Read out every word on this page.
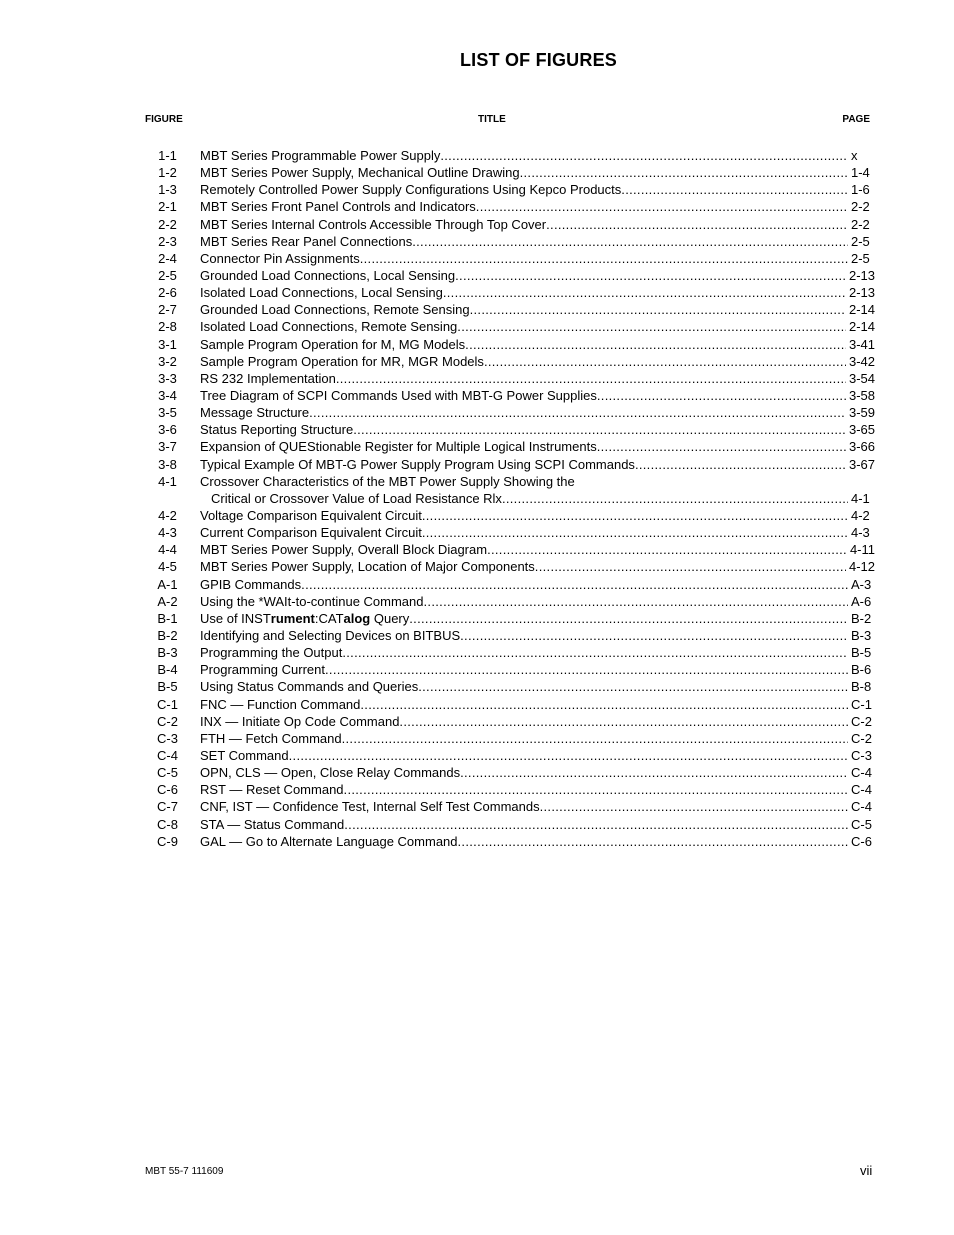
LIST OF FIGURES
FIGURE	TITLE	PAGE
1-1 MBT Series Programmable Power Supply .....	x
1-2 MBT Series Power Supply, Mechanical Outline Drawing .....	1-4
1-3 Remotely Controlled Power Supply Configurations Using Kepco Products .....	1-6
2-1 MBT Series Front Panel Controls and Indicators .....	2-2
2-2 MBT Series Internal Controls Accessible Through Top Cover .....	2-2
2-3 MBT Series Rear Panel Connections .....	2-5
2-4 Connector Pin Assignments .....	2-5
2-5 Grounded Load Connections, Local Sensing .....	2-13
2-6 Isolated Load Connections, Local Sensing .....	2-13
2-7 Grounded Load Connections, Remote Sensing .....	2-14
2-8 Isolated Load Connections, Remote Sensing .....	2-14
3-1 Sample Program Operation for M, MG Models .....	3-41
3-2 Sample Program Operation for MR, MGR Models .....	3-42
3-3 RS 232 Implementation .....	3-54
3-4 Tree Diagram of SCPI Commands Used with MBT-G Power Supplies .....	3-58
3-5 Message Structure .....	3-59
3-6 Status Reporting Structure .....	3-65
3-7 Expansion of QUEStionable Register for Multiple Logical Instruments .....	3-66
3-8 Typical Example Of MBT-G Power Supply Program Using SCPI Commands .....	3-67
4-1 Crossover Characteristics of the MBT Power Supply Showing the
Critical or Crossover Value of Load Resistance Rlx .....	4-1
4-2 Voltage Comparison Equivalent Circuit .....	4-2
4-3 Current Comparison Equivalent Circuit .....	4-3
4-4 MBT Series Power Supply, Overall Block Diagram .....	4-11
4-5 MBT Series Power Supply, Location of Major Components .....	4-12
A-1 GPIB Commands .....	A-3
A-2 Using the *WAIt-to-continue Command .....	A-6
B-1 Use of INSTrument:CATalog Query .....	B-2
B-2 Identifying and Selecting Devices on BITBUS .....	B-3
B-3 Programming the Output .....	B-5
B-4 Programming Current .....	B-6
B-5 Using Status Commands and Queries .....	B-8
C-1 FNC — Function Command .....	C-1
C-2 INX — Initiate Op Code Command .....	C-2
C-3 FTH — Fetch Command .....	C-2
C-4 SET Command .....	C-3
C-5 OPN, CLS — Open, Close Relay Commands .....	C-4
C-6 RST — Reset Command .....	C-4
C-7 CNF, IST — Confidence Test, Internal Self Test Commands .....	C-4
C-8 STA — Status Command .....	C-5
C-9 GAL — Go to Alternate Language Command .....	C-6
MBT 55-7 111609	vii
